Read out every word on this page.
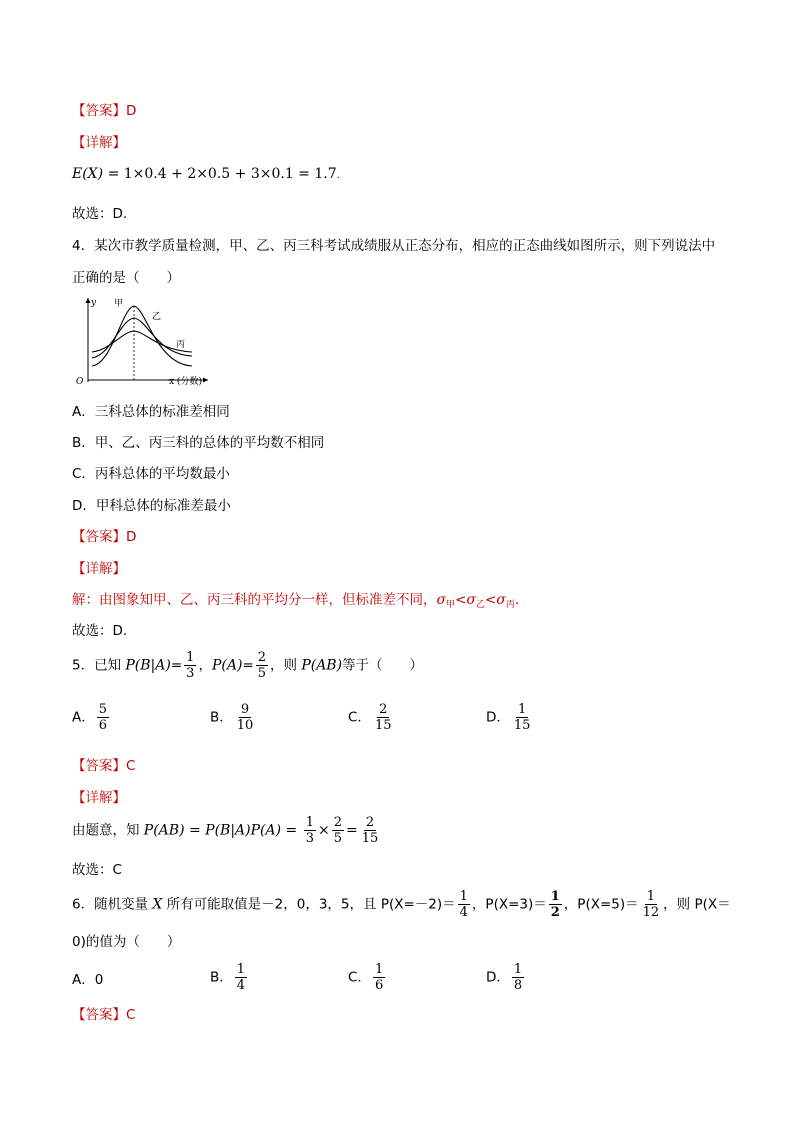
【答案】D
【详解】
E(X) = 1×0.4 + 2×0.5 + 3×0.1 = 1.7.
故选：D.
4．某次市教学质量检测，甲、乙、丙三科考试成绩服从正态分布，相应的正态曲线如图所示，则下列说法中
正确的是（　　）
y
O	x (分数)
甲
乙
丙
A．三科总体的标准差相同
B．甲、乙、丙三科的总体的平均数不相同
C．丙科总体的平均数最小
D．甲科总体的标准差最小
【答案】D
【详解】
解：由图象知甲、乙、丙三科的平均分一样，但标准差不同，$\sigma_甲<\sigma_乙<\sigma_丙$.
故选：D.
5．已知 $P(B|A)= \frac{1}{3}$ ，$P(A)= \frac{2}{5}$ ，则 P(AB)等于（　　）
A． $\frac{5}{6}$	B． $\frac{9}{10}$	C． $\frac{2}{15}$	D． $\frac{1}{15}$
【答案】C
【详解】
由题意，知 $P(AB) = P(B|A)P(A) = \frac{1}{3} \times \frac{2}{5} = \frac{2}{15}$
故选：C
6．随机变量 X 所有可能取值是－2，0，3，5，且 $P(X=-2)= \frac{1}{4}$ ，$P(X=3)= \frac{1}{2}$ ，$P(X=5)= \frac{1}{12}$ ，则 P(X＝
0)的值为（　　）
A．0	B． $\frac{1}{4}$	C． $\frac{1}{6}$	D． $\frac{1}{8}$
【答案】C
